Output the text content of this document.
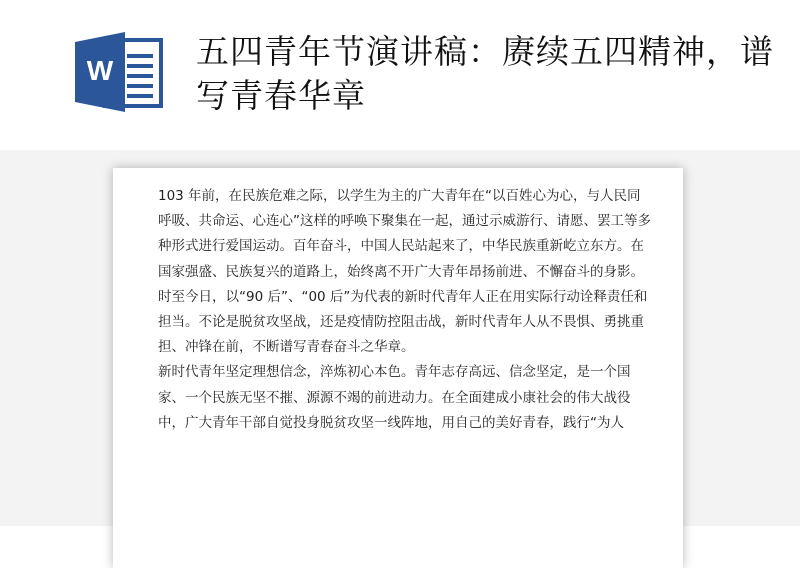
W	五四青年节演讲稿：赓续五四精神，谱写青春华章

103 年前，在民族危难之际，以学生为主的广大青年在“以百姓心为心，与人民同呼吸、共命运、心连心”这样的呼唤下聚集在一起，通过示威游行、请愿、罢工等多种形式进行爱国运动。百年奋斗，中国人民站起来了，中华民族重新屹立东方。在国家强盛、民族复兴的道路上，始终离不开广大青年昂扬前进、不懈奋斗的身影。时至今日，以“90 后”、“00 后”为代表的新时代青年人正在用实际行动诠释责任和担当。不论是脱贫攻坚战，还是疫情防控阻击战，新时代青年人从不畏惧、勇挑重担、冲锋在前，不断谱写青春奋斗之华章。

新时代青年坚定理想信念，淬炼初心本色。青年志存高远、信念坚定，是一个国家、一个民族无坚不摧、源源不竭的前进动力。在全面建成小康社会的伟大战役中，广大青年干部自觉投身脱贫攻坚一线阵地，用自己的美好青春，践行“为人
